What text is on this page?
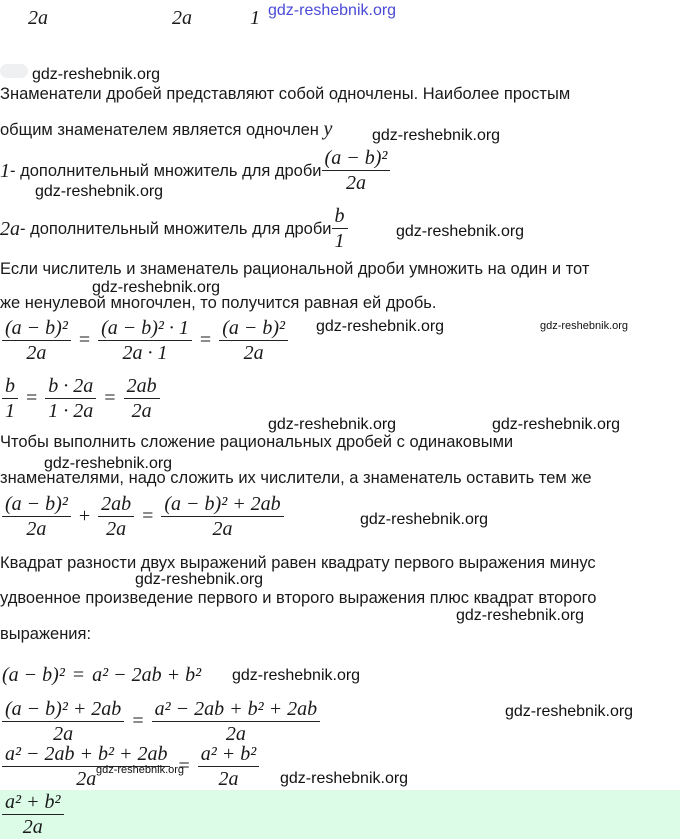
2a	2a	1 gdz-reshebnik.org
gdz-reshebnik.org
Знаменатели дробей представляют собой одночлены. Наиболее простым
общим знаменателем является одночлен y gdz-reshebnik.org
1 - дополнительный множитель для дроби $\frac{\text{(a − b)²}}{2a}$
gdz-reshebnik.org
2a - дополнительный множитель для дроби $\frac{b}{1}$	gdz-reshebnik.org
Если числитель и знаменатель рациональной дроби умножить на один и тот
gdz-reshebnik.org
же ненулевой многочлен, то получится равная ей дробь.
$\frac{\text{(a − b)²}}{2a} = \frac{\text{(a − b)² · 1}}{2a \cdot 1} = \frac{\text{(a − b)²}}{2a}$ gdz-reshebnik.org	gdz-reshebnik.org
$\frac{b}{1} = \frac{b \cdot 2a}{1 \cdot 2a} = \frac{2ab}{2a}$
gdz-reshebnik.org	gdz-reshebnik.org
Чтобы выполнить сложение рациональных дробей с одинаковыми
gdz-reshebnik.org
знаменателями, надо сложить их числители, а знаменатель оставить тем же
$\frac{\text{(a − b)²}}{2a} + \frac{2ab}{2a} = \frac{\text{(a − b)² + 2ab}}{2a}$	gdz-reshebnik.org
Квадрат разности двух выражений равен квадрату первого выражения минус
gdz-reshebnik.org
удвоенное произведение первого и второго выражения плюс квадрат второго
gdz-reshebnik.org
выражения:
(a − b)² = a² − 2ab + b² gdz-reshebnik.org
$\frac{\text{(a − b)² + 2ab}}{2a} = \frac{\text{a² − 2ab + b² + 2ab}}{2a}$	gdz-reshebnik.org
$\frac{\text{a² − 2ab + b² + 2ab}}{2a} = \frac{\text{a² + b²}}{2a}$
gdz-reshebnik.org	gdz-reshebnik.org
$\frac{\text{a² + b²}}{2a}$
